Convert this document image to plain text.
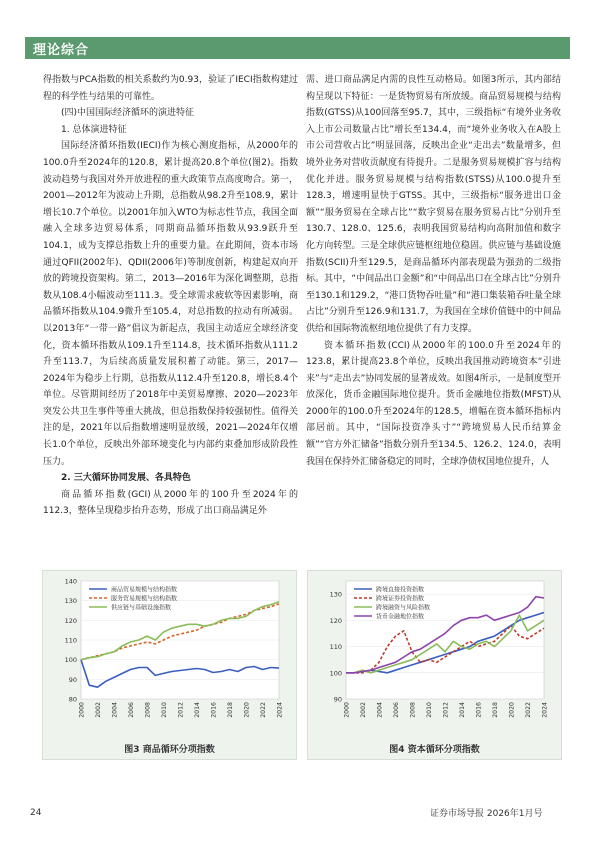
理论综合

得指数与PCA指数的相关系数约为0.93，验证了IECI指数构建过程的科学性与结果的可靠性。

(四)中国国际经济循环的演进特征

1. 总体演进特征

国际经济循环指数(IECI)作为核心测度指标，从2000年的100.0升至2024年的120.8，累计提高20.8个单位(图2)。指数波动趋势与我国对外开放进程的重大政策节点高度吻合。第一，2001—2012年为波动上升期，总指数从98.2升至108.9，累计增长10.7个单位。以2001年加入WTO为标志性节点，我国全面融入全球多边贸易体系，同期商品循环指数从93.9跃升至104.1，成为支撑总指数上升的重要力量。在此期间，资本市场通过QFII(2002年)、QDII(2006年)等制度创新，构建起双向开放的跨境投资架构。第二，2013—2016年为深化调整期，总指数从108.4小幅波动至111.3。受全球需求疲软等因素影响，商品循环指数从104.9微升至105.4，对总指数的拉动有所减弱。以2013年“一带一路”倡议为新起点，我国主动适应全球经济变化，资本循环指数从109.1升至114.8，技术循环指数从111.2升至113.7，为后续高质量发展积蓄了动能。第三，2017—2024年为稳步上行期，总指数从112.4升至120.8，增长8.4个单位。尽管期间经历了2018年中美贸易摩擦、2020—2023年突发公共卫生事件等重大挑战，但总指数保持较强韧性。值得关注的是，2021年以后指数增速明显放缓，2021—2024年仅增长1.0个单位，反映出外部环境变化与内部约束叠加形成阶段性压力。

2. 三大循环协同发展、各具特色

商品循环指数(GCI)从2000年的100升至2024年的112.3，整体呈现稳步抬升态势，形成了出口商品满足外

需、进口商品满足内需的良性互动格局。如图3所示，其内部结构呈现以下特征：一是货物贸易有所放缓。商品贸易规模与结构指数(GTSS)从100回落至95.7，其中，三级指标“有境外业务收入上市公司数量占比”增长至134.4，而“境外业务收入在A股上市公司营收占比”明显回落，反映出企业“走出去”数量增多，但境外业务对营收贡献度有待提升。二是服务贸易规模扩容与结构优化并进。服务贸易规模与结构指数(STSS)从100.0提升至128.3，增速明显快于GTSS。其中，三级指标“服务进出口金额”“服务贸易在全球占比”“数字贸易在服务贸易占比”分别升至130.7、128.0、125.6，表明我国贸易结构向高附加值和数字化方向转型。三是全球供应链枢纽地位稳固。供应链与基础设施指数(SCII)升至129.5，是商品循环内部表现最为强劲的二级指标。其中，“中间品出口金额”和“中间品出口在全球占比”分别升至130.1和129.2，“港口货物吞吐量”和“港口集装箱吞吐量全球占比”分别升至126.9和131.7，为我国在全球价值链中的中间品供给和国际物流枢纽地位提供了有力支撑。

资本循环指数(CCI)从2000年的100.0升至2024年的123.8，累计提高23.8个单位，反映出我国推动跨境资本“引进来”与“走出去”协同发展的显著成效。如图4所示，一是制度型开放深化，货币金融国际地位提升。货币金融地位指数(MFST)从2000年的100.0升至2024年的128.5，增幅在资本循环指标内部居前。其中，“国际投资净头寸”“跨境贸易人民币结算金额”“官方外汇储备”指数分别升至134.5、126.2、124.0，表明我国在保持外汇储备稳定的同时，全球净债权国地位提升，人

80
90
100
110
120
130
140
2000 2002 2004 2006 2008 2010 2012 2014 2016 2018 2020 2022 2024
商品贸易规模与结构指数
服务贸易规模与结构指数
供应链与基础设施指数
图3 商品循环分项指数
90
100
110
120
130
2000 2002 2004 2006 2008 2010 2012 2014 2016 2018 2020 2022 2024
跨境直接投资指数
跨境证券投资指数
跨境融资与风险指数
货币金融地位指数
图4 资本循环分项指数
24	证券市场导报 2026年1月号
